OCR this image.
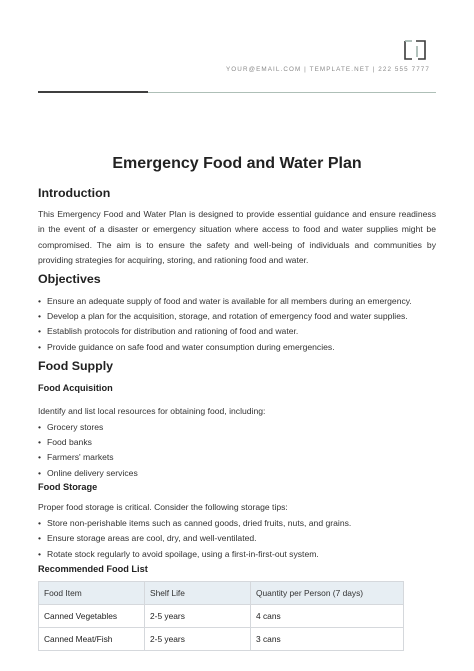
YOUR@EMAIL.COM | TEMPLATE.NET | 222 555 7777
Emergency Food and Water Plan
Introduction

This Emergency Food and Water Plan is designed to provide essential guidance and ensure readiness in the event of a disaster or emergency situation where access to food and water supplies might be compromised. The aim is to ensure the safety and well-being of individuals and communities by providing strategies for acquiring, storing, and rationing food and water.

Objectives
• Ensure an adequate supply of food and water is available for all members during an emergency.
• Develop a plan for the acquisition, storage, and rotation of emergency food and water supplies.
• Establish protocols for distribution and rationing of food and water.
• Provide guidance on safe food and water consumption during emergencies.
Food Supply
Food Acquisition

Identify and list local resources for obtaining food, including:

• Grocery stores
• Food banks
• Farmers' markets
• Online delivery services
Food Storage

Proper food storage is critical. Consider the following storage tips:

• Store non-perishable items such as canned goods, dried fruits, nuts, and grains.
• Ensure storage areas are cool, dry, and well-ventilated.
• Rotate stock regularly to avoid spoilage, using a first-in-first-out system.
Recommended Food List
Food Item	Shelf Life	Quantity per Person (7 days)
Canned Vegetables	2-5 years	4 cans
Canned Meat/Fish	2-5 years	3 cans
